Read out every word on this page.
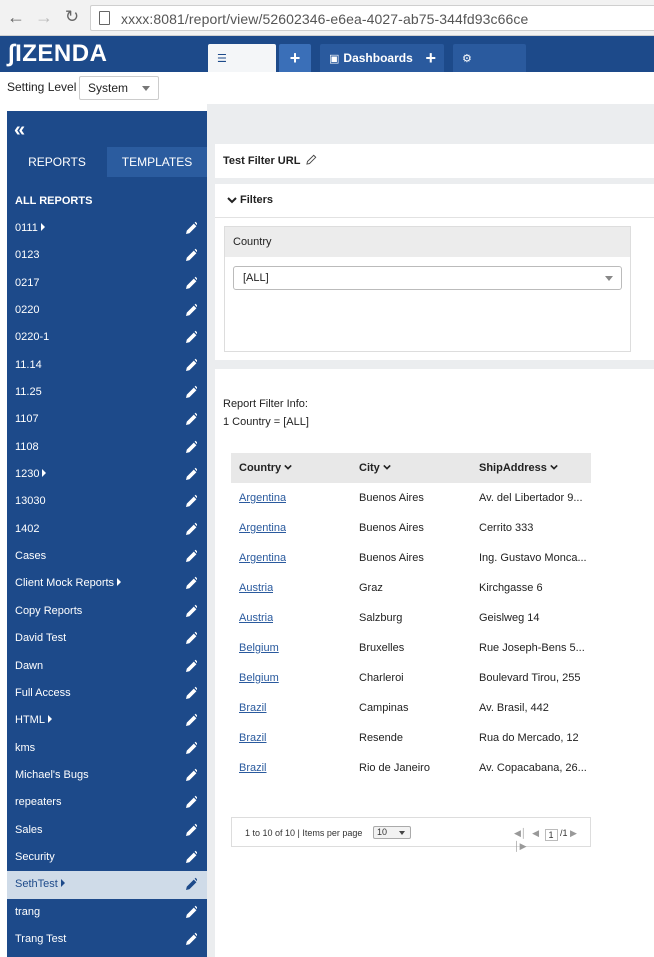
← → ↻	xxxx:8081/report/view/52602346-e6ea-4027-ab75-344fd93c66ce
∫IZENDA	☰	+	▣ Dashboards +	⚙
Setting Level System
«
REPORTS	TEMPLATES
ALL REPORTS
0111
0123
0217
0220
0220-1
11.14
11.25
1107
1108
1230
13030
1402
Cases
Client Mock Reports
Copy Reports
David Test
Dawn
Full Access
HTML
kms
Michael's Bugs
repeaters
Sales
Security
SethTest
trang
Trang Test
Test Filter URL
Filters
Country
[ALL]
Report Filter Info:
1 Country = [ALL]
Country	City	ShipAddress
Argentina	Buenos Aires	Av. del Libertador 9...
Argentina	Buenos Aires	Cerrito 333
Argentina	Buenos Aires	Ing. Gustavo Monca...
Austria	Graz	Kirchgasse 6
Austria	Salzburg	Geislweg 14
Belgium	Bruxelles	Rue Joseph-Bens 5...
Belgium	Charleroi	Boulevard Tirou, 255
Brazil	Campinas	Av. Brasil, 442
Brazil	Resende	Rua do Mercado, 12
Brazil	Rio de Janeiro	Av. Copacabana, 26...
1 to 10 of 10 | Items per page	10	◀│ ◀ 1 /1 ▶ │▶
